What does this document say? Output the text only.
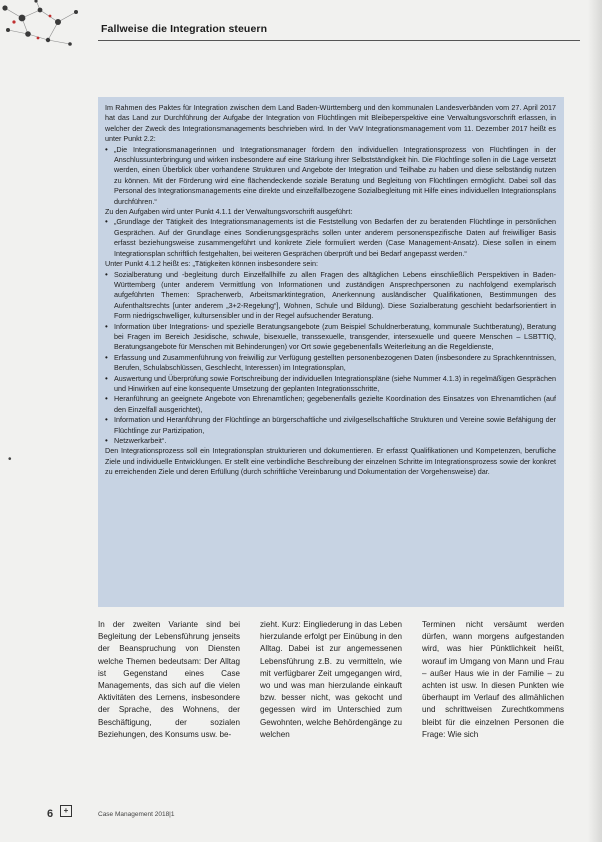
Fallweise die Integration steuern

Im Rahmen des Paktes für Integration zwischen dem Land Baden-Württemberg und den kommunalen Landesverbänden vom 27. April 2017 hat das Land zur Durchführung der Aufgabe der Integration von Flüchtlingen mit Bleibeperspektive eine Verwaltungsvorschrift erlassen, in welcher der Zweck des Integrationsmanagements beschrieben wird. In der VwV Integrationsmanagement vom 11. Dezember 2017 heißt es unter Punkt 2.2:

• „Die Integrationsmanagerinnen und Integrationsmanager fördern den individuellen Integrationsprozess von Flüchtlingen in der Anschlussunterbringung und wirken insbesondere auf eine Stärkung ihrer Selbstständigkeit hin. Die Flüchtlinge sollen in die Lage versetzt werden, einen Überblick über vorhandene Strukturen und Angebote der Integration und Teilhabe zu haben und diese selbständig nutzen zu können. Mit der Förderung wird eine flächendeckende soziale Beratung und Begleitung von Flüchtlingen ermöglicht. Dabei soll das Personal des Integrationsmanagements eine direkte und einzelfallbezogene Sozialbegleitung mit Hilfe eines individuellen Integrationsplans durchführen.“

Zu den Aufgaben wird unter Punkt 4.1.1 der Verwaltungsvorschrift ausgeführt:

• „Grundlage der Tätigkeit des Integrationsmanagements ist die Feststellung von Bedarfen der zu beratenden Flüchtlinge in persönlichen Gesprächen. Auf der Grundlage eines Sondierungsgesprächs sollen unter anderem personenspezifische Daten auf freiwilliger Basis erfasst beziehungsweise zusammengeführt und konkrete Ziele formuliert werden (Case Management-Ansatz). Diese sollen in einem Integrationsplan schriftlich festgehalten, bei weiteren Gesprächen überprüft und bei Bedarf angepasst werden.“

Unter Punkt 4.1.2 heißt es: „Tätigkeiten können insbesondere sein:

• Sozialberatung und -begleitung durch Einzelfallhilfe zu allen Fragen des alltäglichen Lebens einschließlich Perspektiven in Baden-Württemberg (unter anderem Vermittlung von Informationen und zuständigen Ansprechpersonen zu nachfolgend exemplarisch aufgeführten Themen: Spracherwerb, Arbeitsmarktintegration, Anerkennung ausländischer Qualifikationen, Bestimmungen des Aufenthaltsrechts [unter anderem „3+2-Regelung“], Wohnen, Schule und Bildung). Diese Sozialberatung geschieht bedarfsorientiert in Form niedrigschwelliger, kultursensibler und in der Regel aufsuchender Beratung.
• Information über Integrations- und spezielle Beratungsangebote (zum Beispiel Schuldnerberatung, kommunale Suchtberatung), Beratung bei Fragen im Bereich Jesidische, schwule, bisexuelle, transsexuelle, transgender, intersexuelle und queere Menschen – LSBTTIQ, Beratungsangebote für Menschen mit Behinderungen) vor Ort sowie gegebenenfalls Weiterleitung an die Regeldienste,
• Erfassung und Zusammenführung von freiwillig zur Verfügung gestellten personenbezogenen Daten (insbesondere zu Sprachkenntnissen, Berufen, Schulabschlüssen, Geschlecht, Interessen) im Integrationsplan,
• Auswertung und Überprüfung sowie Fortschreibung der individuellen Integrationspläne (siehe Nummer 4.1.3) in regelmäßigen Gesprächen und Hinwirken auf eine konsequente Umsetzung der geplanten Integrationsschritte,
• Heranführung an geeignete Angebote von Ehrenamtlichen; gegebenenfalls gezielte Koordination des Einsatzes von Ehrenamtlichen (auf den Einzelfall ausgerichtet),
• Information und Heranführung der Flüchtlinge an bürgerschaftliche und zivilgesellschaftliche Strukturen und Vereine sowie Befähigung der Flüchtlinge zur Partizipation,
• Netzwerkarbeit“.

Den Integrationsprozess soll ein Integrationsplan strukturieren und dokumentieren. Er erfasst Qualifikationen und Kompetenzen, berufliche Ziele und individuelle Entwicklungen. Er stellt eine verbindliche Beschreibung der einzelnen Schritte im Integrationsprozess sowie der konkret zu erreichenden Ziele und deren Erfüllung (durch schriftliche Vereinbarung und Dokumentation der Vorgehensweise) dar.

In der zweiten Variante sind bei Begleitung der Lebensführung jenseits der Beanspruchung von Diensten welche Themen bedeutsam: Der Alltag ist Gegenstand eines Case Managements, das sich auf die vielen Aktivitäten des Lernens, insbesondere der Sprache, des Wohnens, der Beschäftigung, der sozialen Beziehungen, des Konsums usw. be-
zieht. Kurz: Eingliederung in das Leben hierzulande erfolgt per Einübung in den Alltag. Dabei ist zur angemessenen Lebensführung z.B. zu vermitteln, wie mit verfügbarer Zeit umgegangen wird, wo und was man hierzulande einkauft bzw. besser nicht, was gekocht und gegessen wird im Unterschied zum Gewohnten, welche Behördengänge zu welchen
Terminen nicht versäumt werden dürfen, wann morgens aufgestanden wird, was hier Pünktlichkeit heißt, worauf im Umgang von Mann und Frau – außer Haus wie in der Familie – zu achten ist usw. In diesen Punkten wie überhaupt im Verlauf des allmählichen und schrittweisen Zurechtkommens bleibt für die einzelnen Personen die Frage: Wie sich
•
6	+	Case Management 2018|1
